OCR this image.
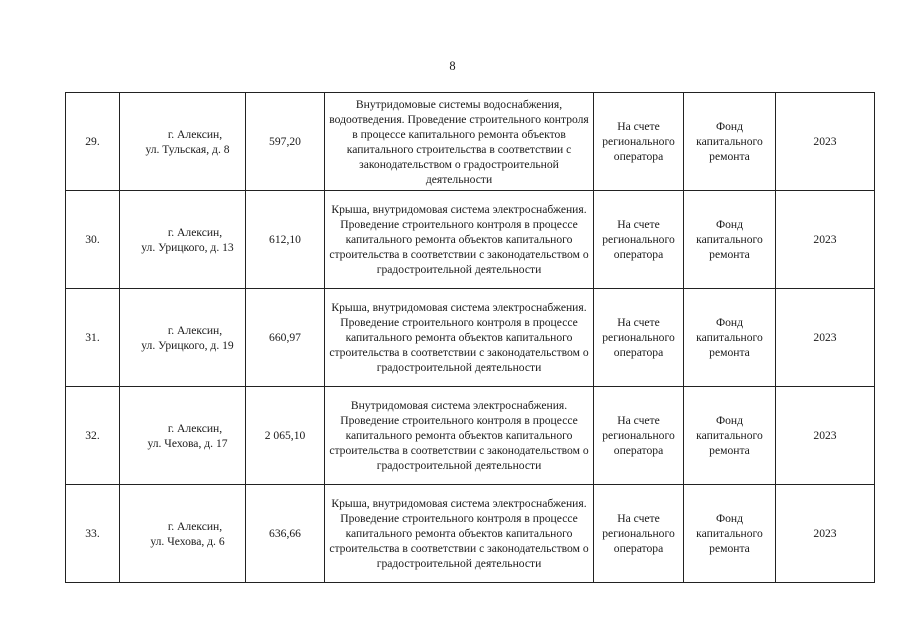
8
29.	г. Алексин,
ул. Тульская, д. 8	597,20	Внутридомовые системы водоснабжения, водоотведения. Проведение строительного контроля в процессе капитального ремонта объектов капитального строительства в соответствии с законодательством о градостроительной деятельности	На счете регионального оператора	Фонд капитального ремонта	2023
30.	г. Алексин,
ул. Урицкого, д. 13	612,10	Крыша, внутридомовая система электроснабжения. Проведение строительного контроля в процессе капитального ремонта объектов капитального строительства в соответствии с законодательством о градостроительной деятельности	На счете регионального оператора	Фонд капитального ремонта	2023
31.	г. Алексин,
ул. Урицкого, д. 19	660,97	Крыша, внутридомовая система электроснабжения. Проведение строительного контроля в процессе капитального ремонта объектов капитального строительства в соответствии с законодательством о градостроительной деятельности	На счете регионального оператора	Фонд капитального ремонта	2023
32.	г. Алексин,
ул. Чехова, д. 17	2 065,10	Внутридомовая система электроснабжения. Проведение строительного контроля в процессе капитального ремонта объектов капитального строительства в соответствии с законодательством о градостроительной деятельности	На счете регионального оператора	Фонд капитального ремонта	2023
33.	г. Алексин,
ул. Чехова, д. 6	636,66	Крыша, внутридомовая система электроснабжения. Проведение строительного контроля в процессе капитального ремонта объектов капитального строительства в соответствии с законодательством о градостроительной деятельности	На счете регионального оператора	Фонд капитального ремонта	2023
